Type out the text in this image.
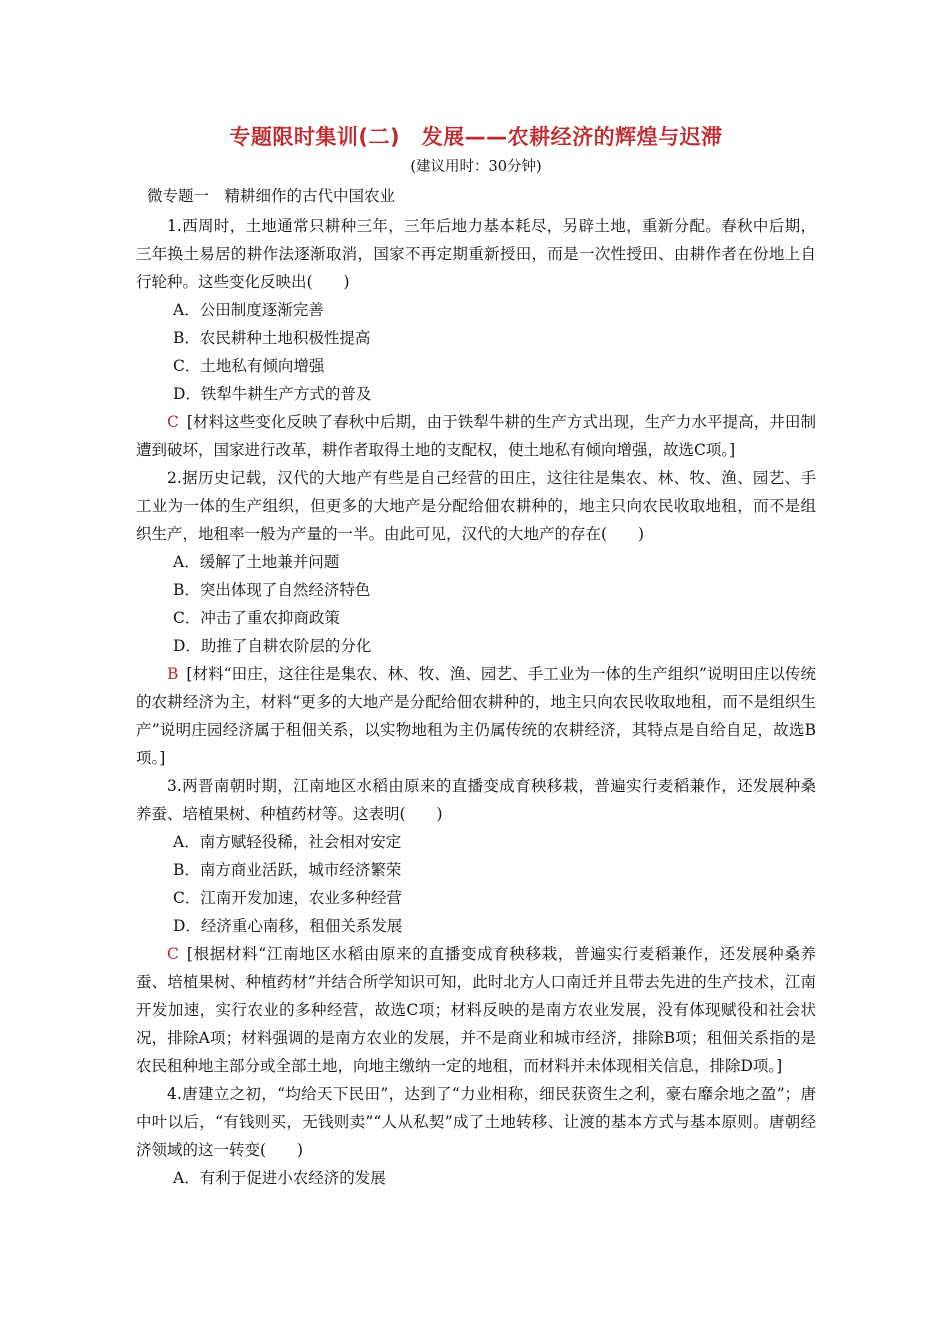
专题限时集训(二)　发展——农耕经济的辉煌与迟滞
(建议用时：30分钟)
微专题一　精耕细作的古代中国农业

1.西周时，土地通常只耕种三年，三年后地力基本耗尽，另辟土地，重新分配。春秋中后期，三年换土易居的耕作法逐渐取消，国家不再定期重新授田，而是一次性授田、由耕作者在份地上自行轮种。这些变化反映出(　　)

A．公田制度逐渐完善
B．农民耕种土地积极性提高
C．土地私有倾向增强
D．铁犁牛耕生产方式的普及

C [材料这些变化反映了春秋中后期，由于铁犁牛耕的生产方式出现，生产力水平提高，井田制遭到破坏，国家进行改革，耕作者取得土地的支配权，使土地私有倾向增强，故选C项。]

2.据历史记载，汉代的大地产有些是自己经营的田庄，这往往是集农、林、牧、渔、园艺、手工业为一体的生产组织，但更多的大地产是分配给佃农耕种的，地主只向农民收取地租，而不是组织生产，地租率一般为产量的一半。由此可见，汉代的大地产的存在(　　)

A．缓解了土地兼并问题
B．突出体现了自然经济特色
C．冲击了重农抑商政策
D．助推了自耕农阶层的分化

B [材料“田庄，这往往是集农、林、牧、渔、园艺、手工业为一体的生产组织”说明田庄以传统的农耕经济为主，材料“更多的大地产是分配给佃农耕种的，地主只向农民收取地租，而不是组织生产”说明庄园经济属于租佃关系，以实物地租为主仍属传统的农耕经济，其特点是自给自足，故选B项。]

3.两晋南朝时期，江南地区水稻由原来的直播变成育秧移栽，普遍实行麦稻兼作，还发展种桑养蚕、培植果树、种植药材等。这表明(　　)

A．南方赋轻役稀，社会相对安定
B．南方商业活跃，城市经济繁荣
C．江南开发加速，农业多种经营
D．经济重心南移，租佃关系发展

C [根据材料“江南地区水稻由原来的直播变成育秧移栽，普遍实行麦稻兼作，还发展种桑养蚕、培植果树、种植药材”并结合所学知识可知，此时北方人口南迁并且带去先进的生产技术，江南开发加速，实行农业的多种经营，故选C项；材料反映的是南方农业发展，没有体现赋役和社会状况，排除A项；材料强调的是南方农业的发展，并不是商业和城市经济，排除B项；租佃关系指的是农民租种地主部分或全部土地，向地主缴纳一定的地租，而材料并未体现相关信息，排除D项。]

4.唐建立之初，“均给天下民田”，达到了“力业相称，细民获资生之利，豪右靡余地之盈”；唐中叶以后，“有钱则买，无钱则卖”“人从私契”成了土地转移、让渡的基本方式与基本原则。唐朝经济领域的这一转变(　　)

A．有利于促进小农经济的发展
